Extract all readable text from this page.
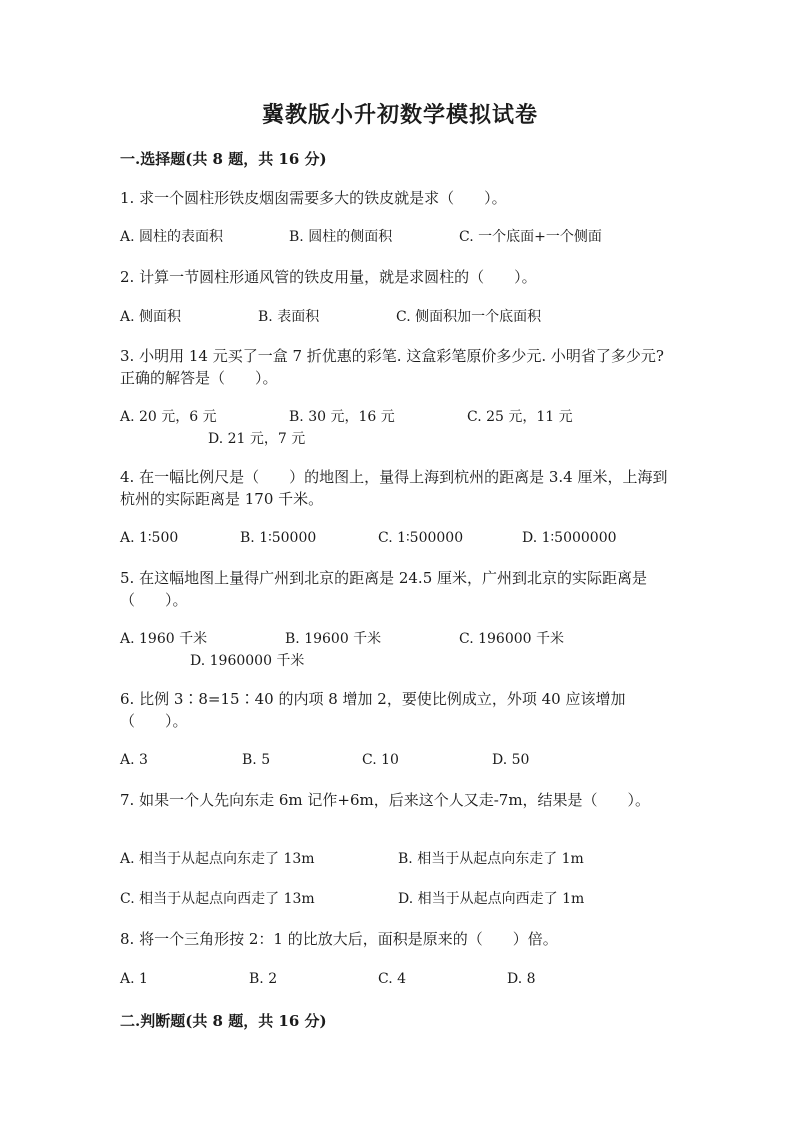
冀教版小升初数学模拟试卷
一.选择题(共 8 题，共 16 分)
1. 求一个圆柱形铁皮烟囱需要多大的铁皮就是求（　　）。
A. 圆柱的表面积	B. 圆柱的侧面积	C. 一个底面+一个侧面
2. 计算一节圆柱形通风管的铁皮用量，就是求圆柱的（　　）。
A. 侧面积	B. 表面积	C. 侧面积加一个底面积
3. 小明用 14 元买了一盒 7 折优惠的彩笔. 这盒彩笔原价多少元. 小明省了多少元? 正确的解答是（　　）。
A. 20 元，6 元	B. 30 元，16 元	C. 25 元，11 元
D. 21 元，7 元
4. 在一幅比例尺是（　　）的地图上，量得上海到杭州的距离是 3.4 厘米，上海到杭州的实际距离是 170 千米。
A. 1∶500	B. 1∶50000	C. 1∶500000	D. 1∶5000000
5. 在这幅地图上量得广州到北京的距离是 24.5 厘米，广州到北京的实际距离是（　　）。
A. 1960 千米	B. 19600 千米	C. 196000 千米
D. 1960000 千米
6. 比例 3∶8=15∶40 的内项 8 增加 2，要使比例成立，外项 40 应该增加（　　）。
A. 3	B. 5	C. 10	D. 50
7. 如果一个人先向东走 6m 记作+6m，后来这个人又走-7m，结果是（　　）。
A. 相当于从起点向东走了 13m	B. 相当于从起点向东走了 1m
C. 相当于从起点向西走了 13m	D. 相当于从起点向西走了 1m
8. 将一个三角形按 2：1 的比放大后，面积是原来的（　　）倍。
A. 1	B. 2	C. 4	D. 8
二.判断题(共 8 题，共 16 分)
